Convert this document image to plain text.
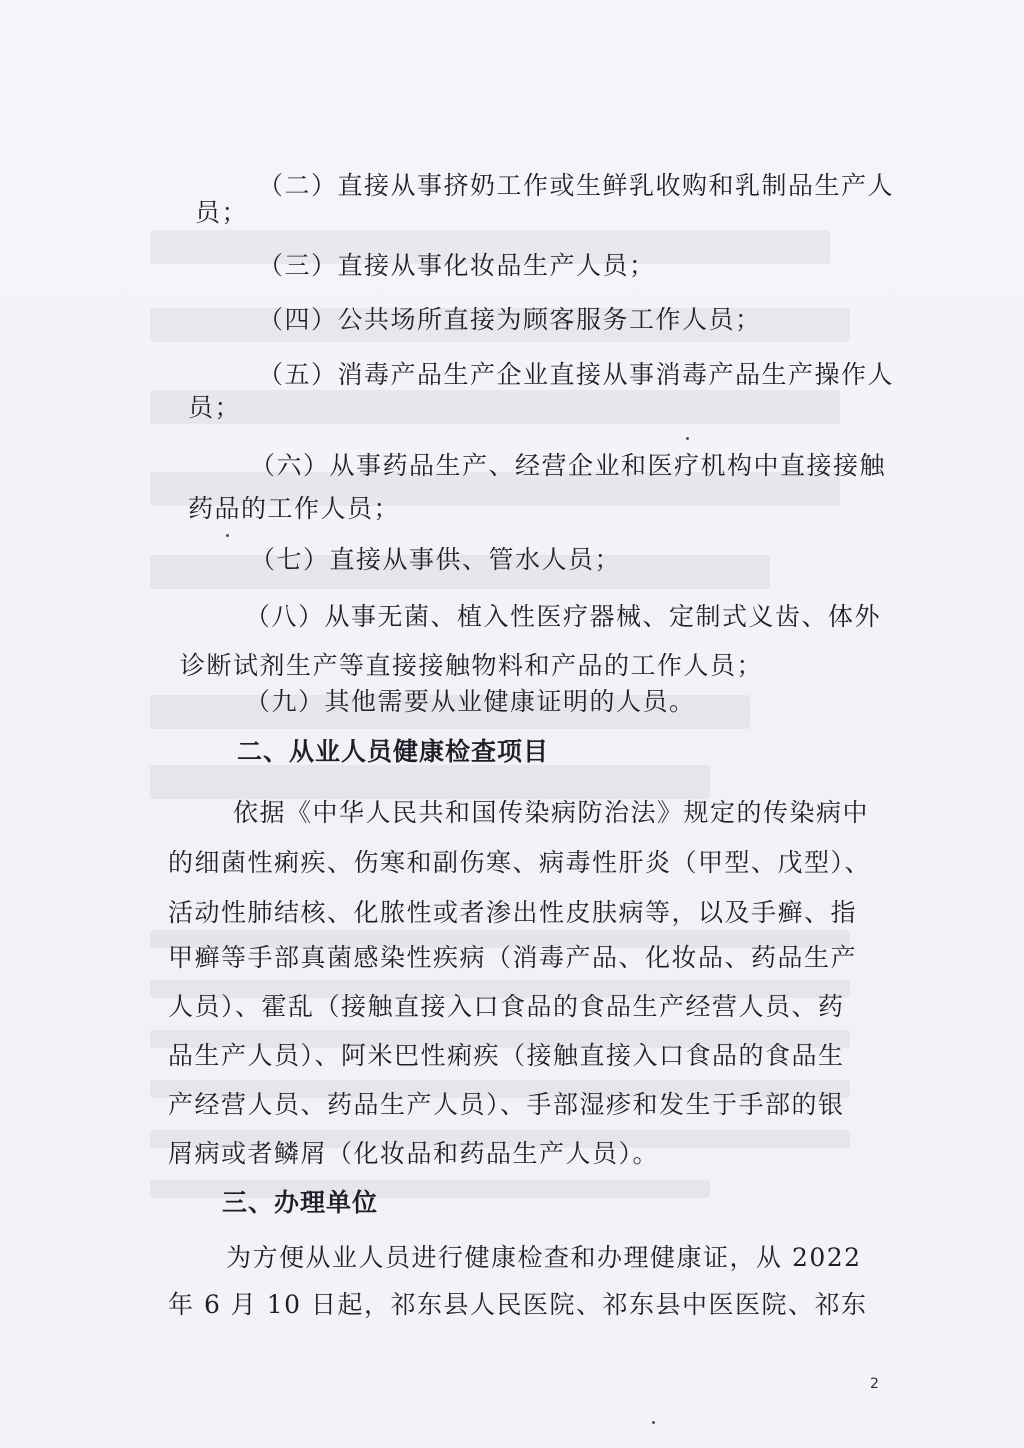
（二）直接从事挤奶工作或生鲜乳收购和乳制品生产人
员；
（三）直接从事化妆品生产人员；
（四）公共场所直接为顾客服务工作人员；
（五）消毒产品生产企业直接从事消毒产品生产操作人
员；
（六）从事药品生产、经营企业和医疗机构中直接接触
药品的工作人员；
（七）直接从事供、管水人员；
（八）从事无菌、植入性医疗器械、定制式义齿、体外
诊断试剂生产等直接接触物料和产品的工作人员；
（九）其他需要从业健康证明的人员。
二、从业人员健康检查项目
依据《中华人民共和国传染病防治法》规定的传染病中
的细菌性痢疾、伤寒和副伤寒、病毒性肝炎（甲型、戊型）、
活动性肺结核、化脓性或者渗出性皮肤病等，以及手癣、指
甲癣等手部真菌感染性疾病（消毒产品、化妆品、药品生产
人员）、霍乱（接触直接入口食品的食品生产经营人员、药
品生产人员）、阿米巴性痢疾（接触直接入口食品的食品生
产经营人员、药品生产人员）、手部湿疹和发生于手部的银
屑病或者鳞屑（化妆品和药品生产人员）。
三、办理单位
为方便从业人员进行健康检查和办理健康证，从 2022
年 6 月 10 日起，祁东县人民医院、祁东县中医医院、祁东
2
